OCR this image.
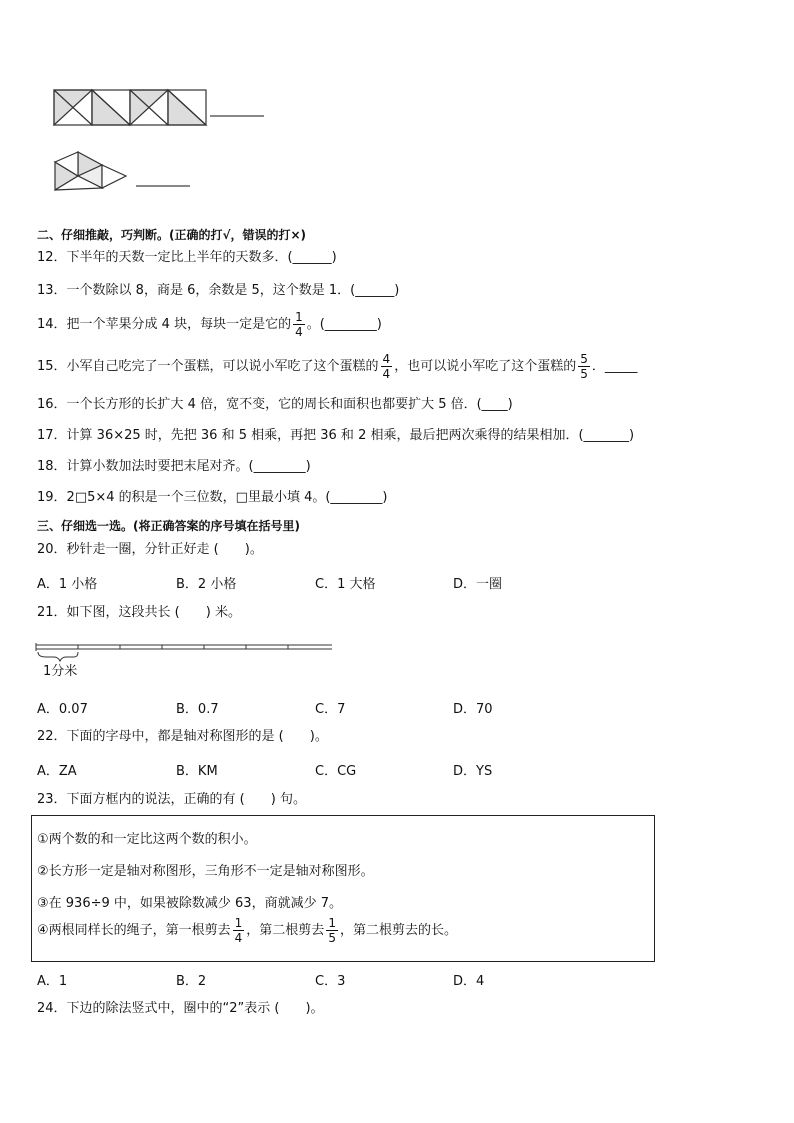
二、仔细推敲，巧判断。(正确的打√，错误的打×)
12．下半年的天数一定比上半年的天数多．(______)
13．一个数除以 8，商是 6，余数是 5，这个数是 1．(______)
14．把一个苹果分成 4 块，每块一定是它的 $\frac{1}{4}$ 。(________)
15．小军自己吃完了一个蛋糕，可以说小军吃了这个蛋糕的 $\frac{4}{4}$ ，也可以说小军吃了这个蛋糕的 $\frac{5}{5}$ ．_____
16．一个长方形的长扩大 4 倍，宽不变，它的周长和面积也都要扩大 5 倍．(____)
17．计算 36×25 时，先把 36 和 5 相乘，再把 36 和 2 相乘，最后把两次乘得的结果相加．(_______)
18．计算小数加法时要把末尾对齐。(________)
19．2□5×4 的积是一个三位数，□里最小填 4。(________)
三、仔细选一选。(将正确答案的序号填在括号里)
20．秒针走一圈，分针正好走 (　　)。
A．1 小格	B．2 小格	C．1 大格	D．一圈
21．如下图，这段共长 (　　) 米。
1分米
A．0.07	B．0.7	C．7	D．70
22．下面的字母中，都是轴对称图形的是 (　　)。
A．ZA	B．KM	C．CG	D．YS
23．下面方框内的说法，正确的有 (　　) 句。
①两个数的和一定比这两个数的积小。
②长方形一定是轴对称图形，三角形不一定是轴对称图形。
③在 936÷9 中，如果被除数减少 63，商就减少 7。
④两根同样长的绳子，第一根剪去 $\frac{1}{4}$ ，第二根剪去 $\frac{1}{5}$ ，第二根剪去的长。
A．1	B．2	C．3	D．4
24．下边的除法竖式中，圈中的“2”表示 (　　)。
